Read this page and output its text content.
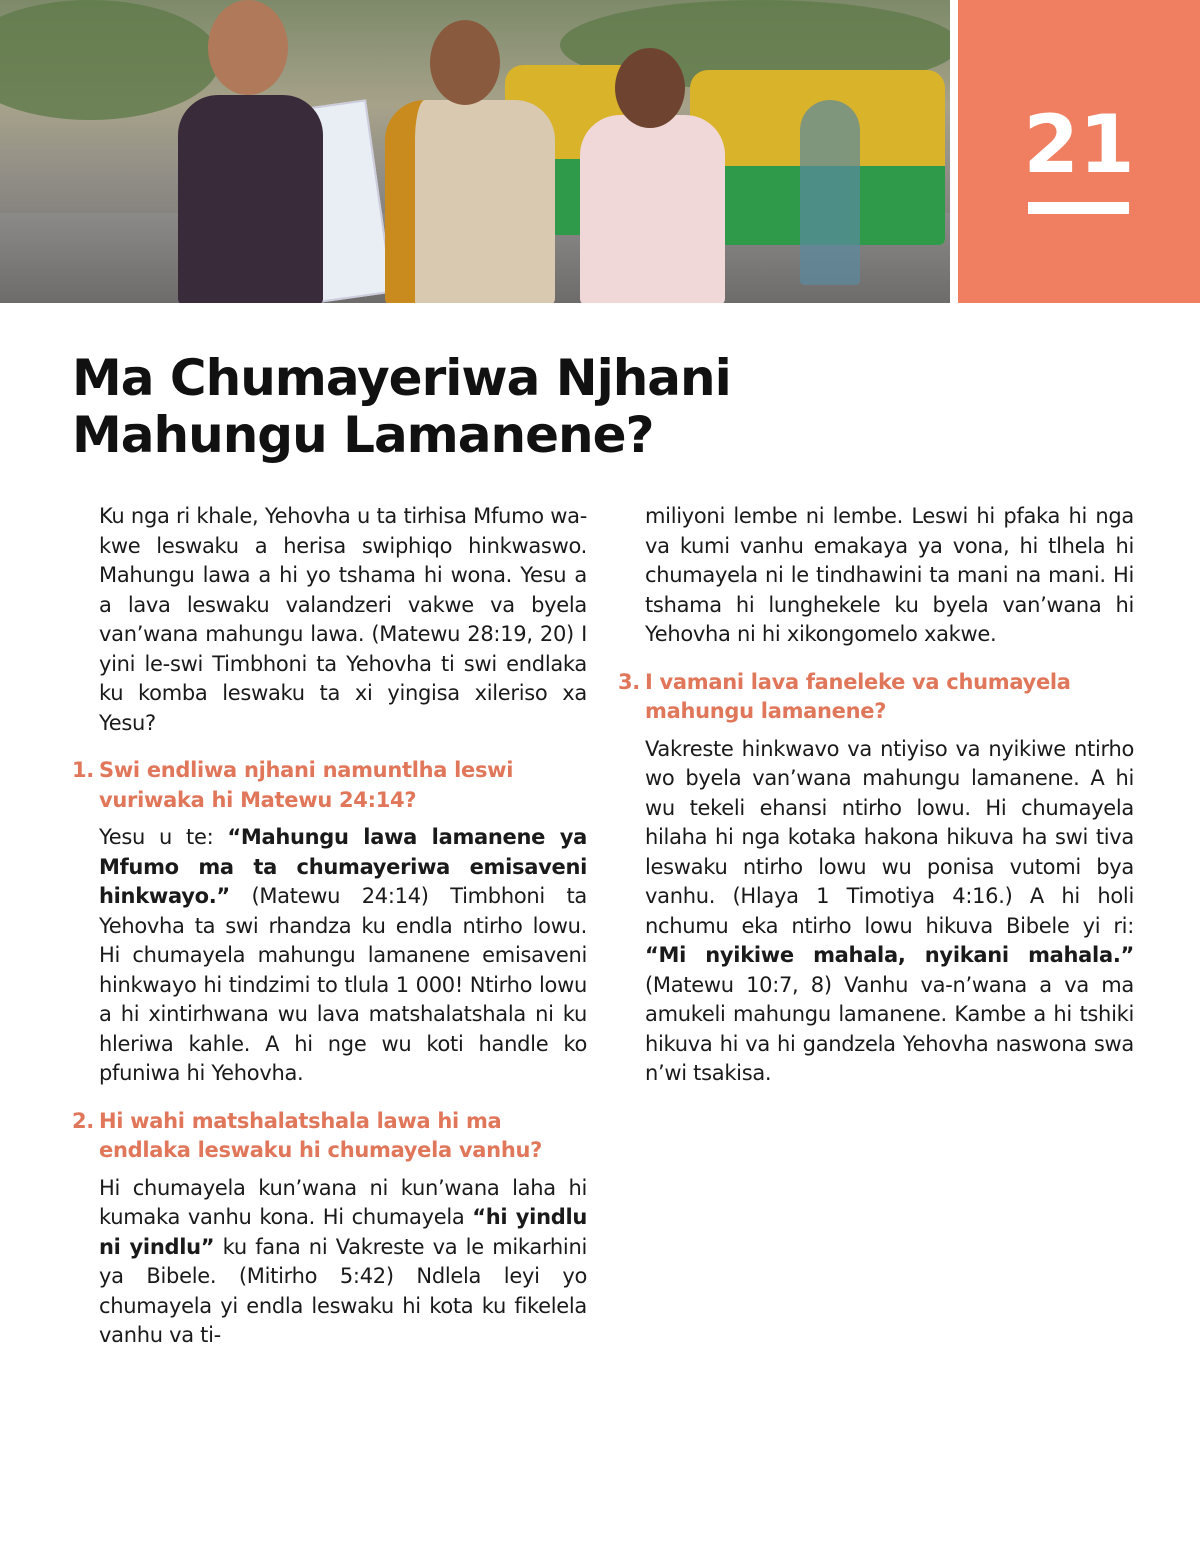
21
Ma Chumayeriwa Njhani
Mahungu Lamanene?

Ku nga ri khale, Yehovha u ta tirhisa Mfumo wa-kwe leswaku a herisa swiphiqo hinkwaswo. Mahungu lawa a hi yo tshama hi wona. Yesu a a lava leswaku valandzeri vakwe va byela van’wana mahungu lawa. (Matewu 28:19, 20) I yini le-swi Timbhoni ta Yehovha ti swi endlaka ku komba leswaku ta xi yingisa xileriso xa Yesu?

1. Swi endliwa njhani namuntlha leswi vuriwaka hi Matewu 24:14?

Yesu u te: “Mahungu lawa lamanene ya Mfumo ma ta chumayeriwa emisaveni hinkwayo.” (Matewu 24:14) Timbhoni ta Yehovha ta swi rhandza ku endla ntirho lowu. Hi chumayela mahungu lamanene emisaveni hinkwayo hi tindzimi to tlula 1 000! Ntirho lowu a hi xintirhwana wu lava matshalatshala ni ku hleriwa kahle. A hi nge wu koti handle ko pfuniwa hi Yehovha.

2. Hi wahi matshalatshala lawa hi ma endlaka leswaku hi chumayela vanhu?

Hi chumayela kun’wana ni kun’wana laha hi kumaka vanhu kona. Hi chumayela “hi yindlu ni yindlu” ku fana ni Vakreste va le mikarhini ya Bibele. (Mitirho 5:42) Ndlela leyi yo chumayela yi endla leswaku hi kota ku fikelela vanhu va ti-

miliyoni lembe ni lembe. Leswi hi pfaka hi nga va kumi vanhu emakaya ya vona, hi tlhela hi chumayela ni le tindhawini ta mani na mani. Hi tshama hi lunghekele ku byela van’wana hi Yehovha ni hi xikongomelo xakwe.

3. I vamani lava faneleke va chumayela mahungu lamanene?

Vakreste hinkwavo va ntiyiso va nyikiwe ntirho wo byela van’wana mahungu lamanene. A hi wu tekeli ehansi ntirho lowu. Hi chumayela hilaha hi nga kotaka hakona hikuva ha swi tiva leswaku ntirho lowu wu ponisa vutomi bya vanhu. (Hlaya 1 Timotiya 4:16.) A hi holi nchumu eka ntirho lowu hikuva Bibele yi ri: “Mi nyikiwe mahala, nyikani mahala.” (Matewu 10:7, 8) Vanhu va-n’wana a va ma amukeli mahungu lamanene. Kambe a hi tshiki hikuva hi va hi gandzela Yehovha naswona swa n’wi tsakisa.
